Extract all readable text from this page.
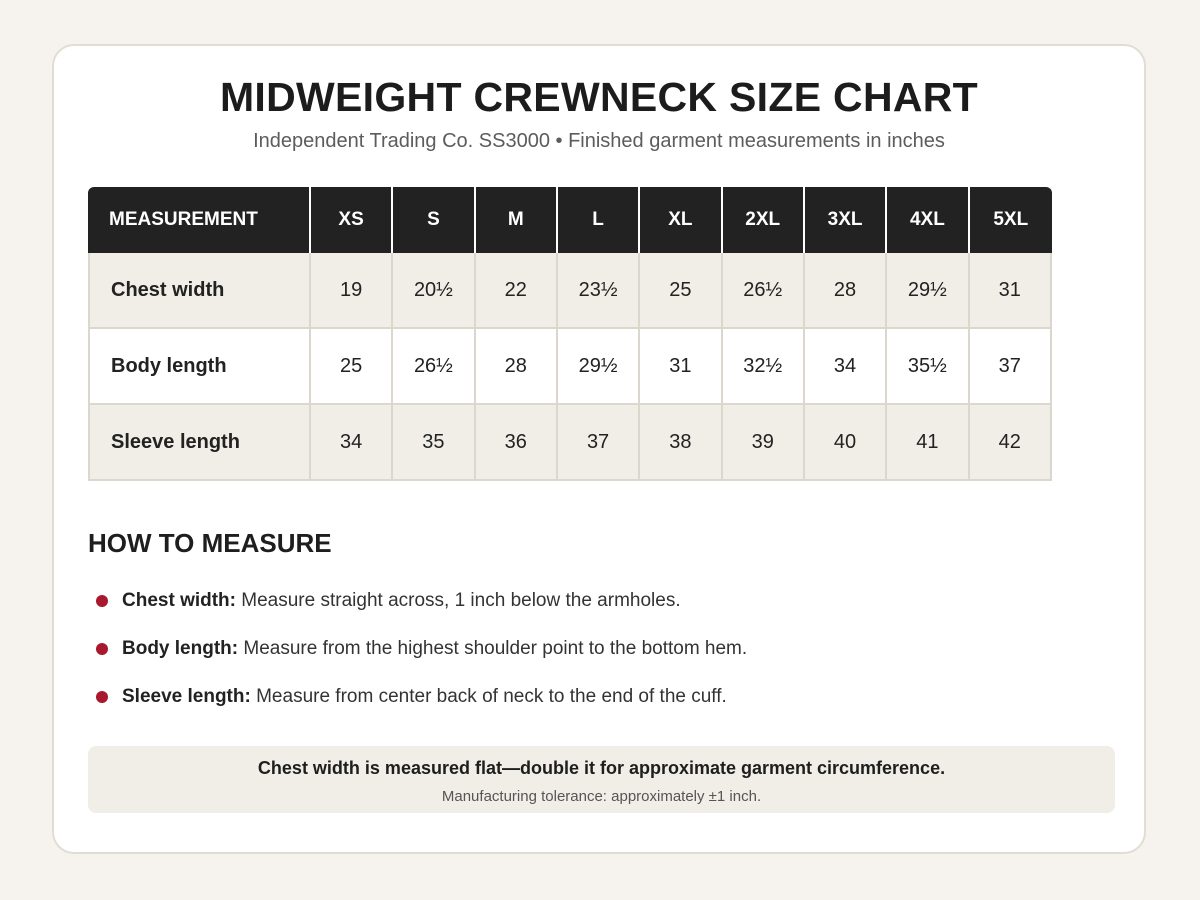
MIDWEIGHT CREWNECK SIZE CHART
Independent Trading Co. SS3000 • Finished garment measurements in inches
MEASUREMENT	XS	S	M	L	XL	2XL	3XL	4XL	5XL
Chest width	19	20½	22	23½	25	26½	28	29½	31
Body length	25	26½	28	29½	31	32½	34	35½	37
Sleeve length	34	35	36	37	38	39	40	41	42
HOW TO MEASURE
Chest width: Measure straight across, 1 inch below the armholes.
Body length: Measure from the highest shoulder point to the bottom hem.
Sleeve length: Measure from center back of neck to the end of the cuff.
Chest width is measured flat—double it for approximate garment circumference.
Manufacturing tolerance: approximately ±1 inch.
